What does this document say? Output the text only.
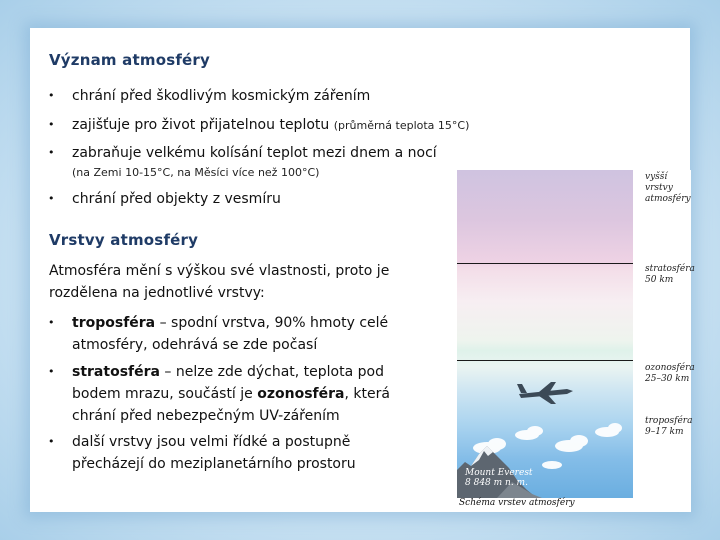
Význam atmosféry
• chrání před škodlivým kosmickým zářením
• zajišťuje pro život přijatelnou teplotu (průměrná teplota 15°C)
• zabraňuje velkému kolísání teplot mezi dnem a nocí
(na Zemi 10-15°C, na Měsíci více než 100°C)
• chrání před objekty z vesmíru
Vrstvy atmosféry
Atmosféra mění s výškou své vlastnosti, proto je
rozdělena na jednotlivé vrstvy:
• troposféra – spodní vrstva, 90% hmoty celé
atmosféry, odehrává se zde počasí
• stratosféra – nelze zde dýchat, teplota pod
bodem mrazu, součástí je ozonosféra, která
chrání před nebezpečným UV-zářením
• další vrstvy jsou velmi řídké a postupně
přecházejí do meziplanetárního prostoru
Mount Everest
8 848 m n. m.
vyšší vrstvy
atmosféry
stratosféra
50 km
ozonosféra
25–30 km
troposféra
9–17 km
Schéma vrstev atmosféry
